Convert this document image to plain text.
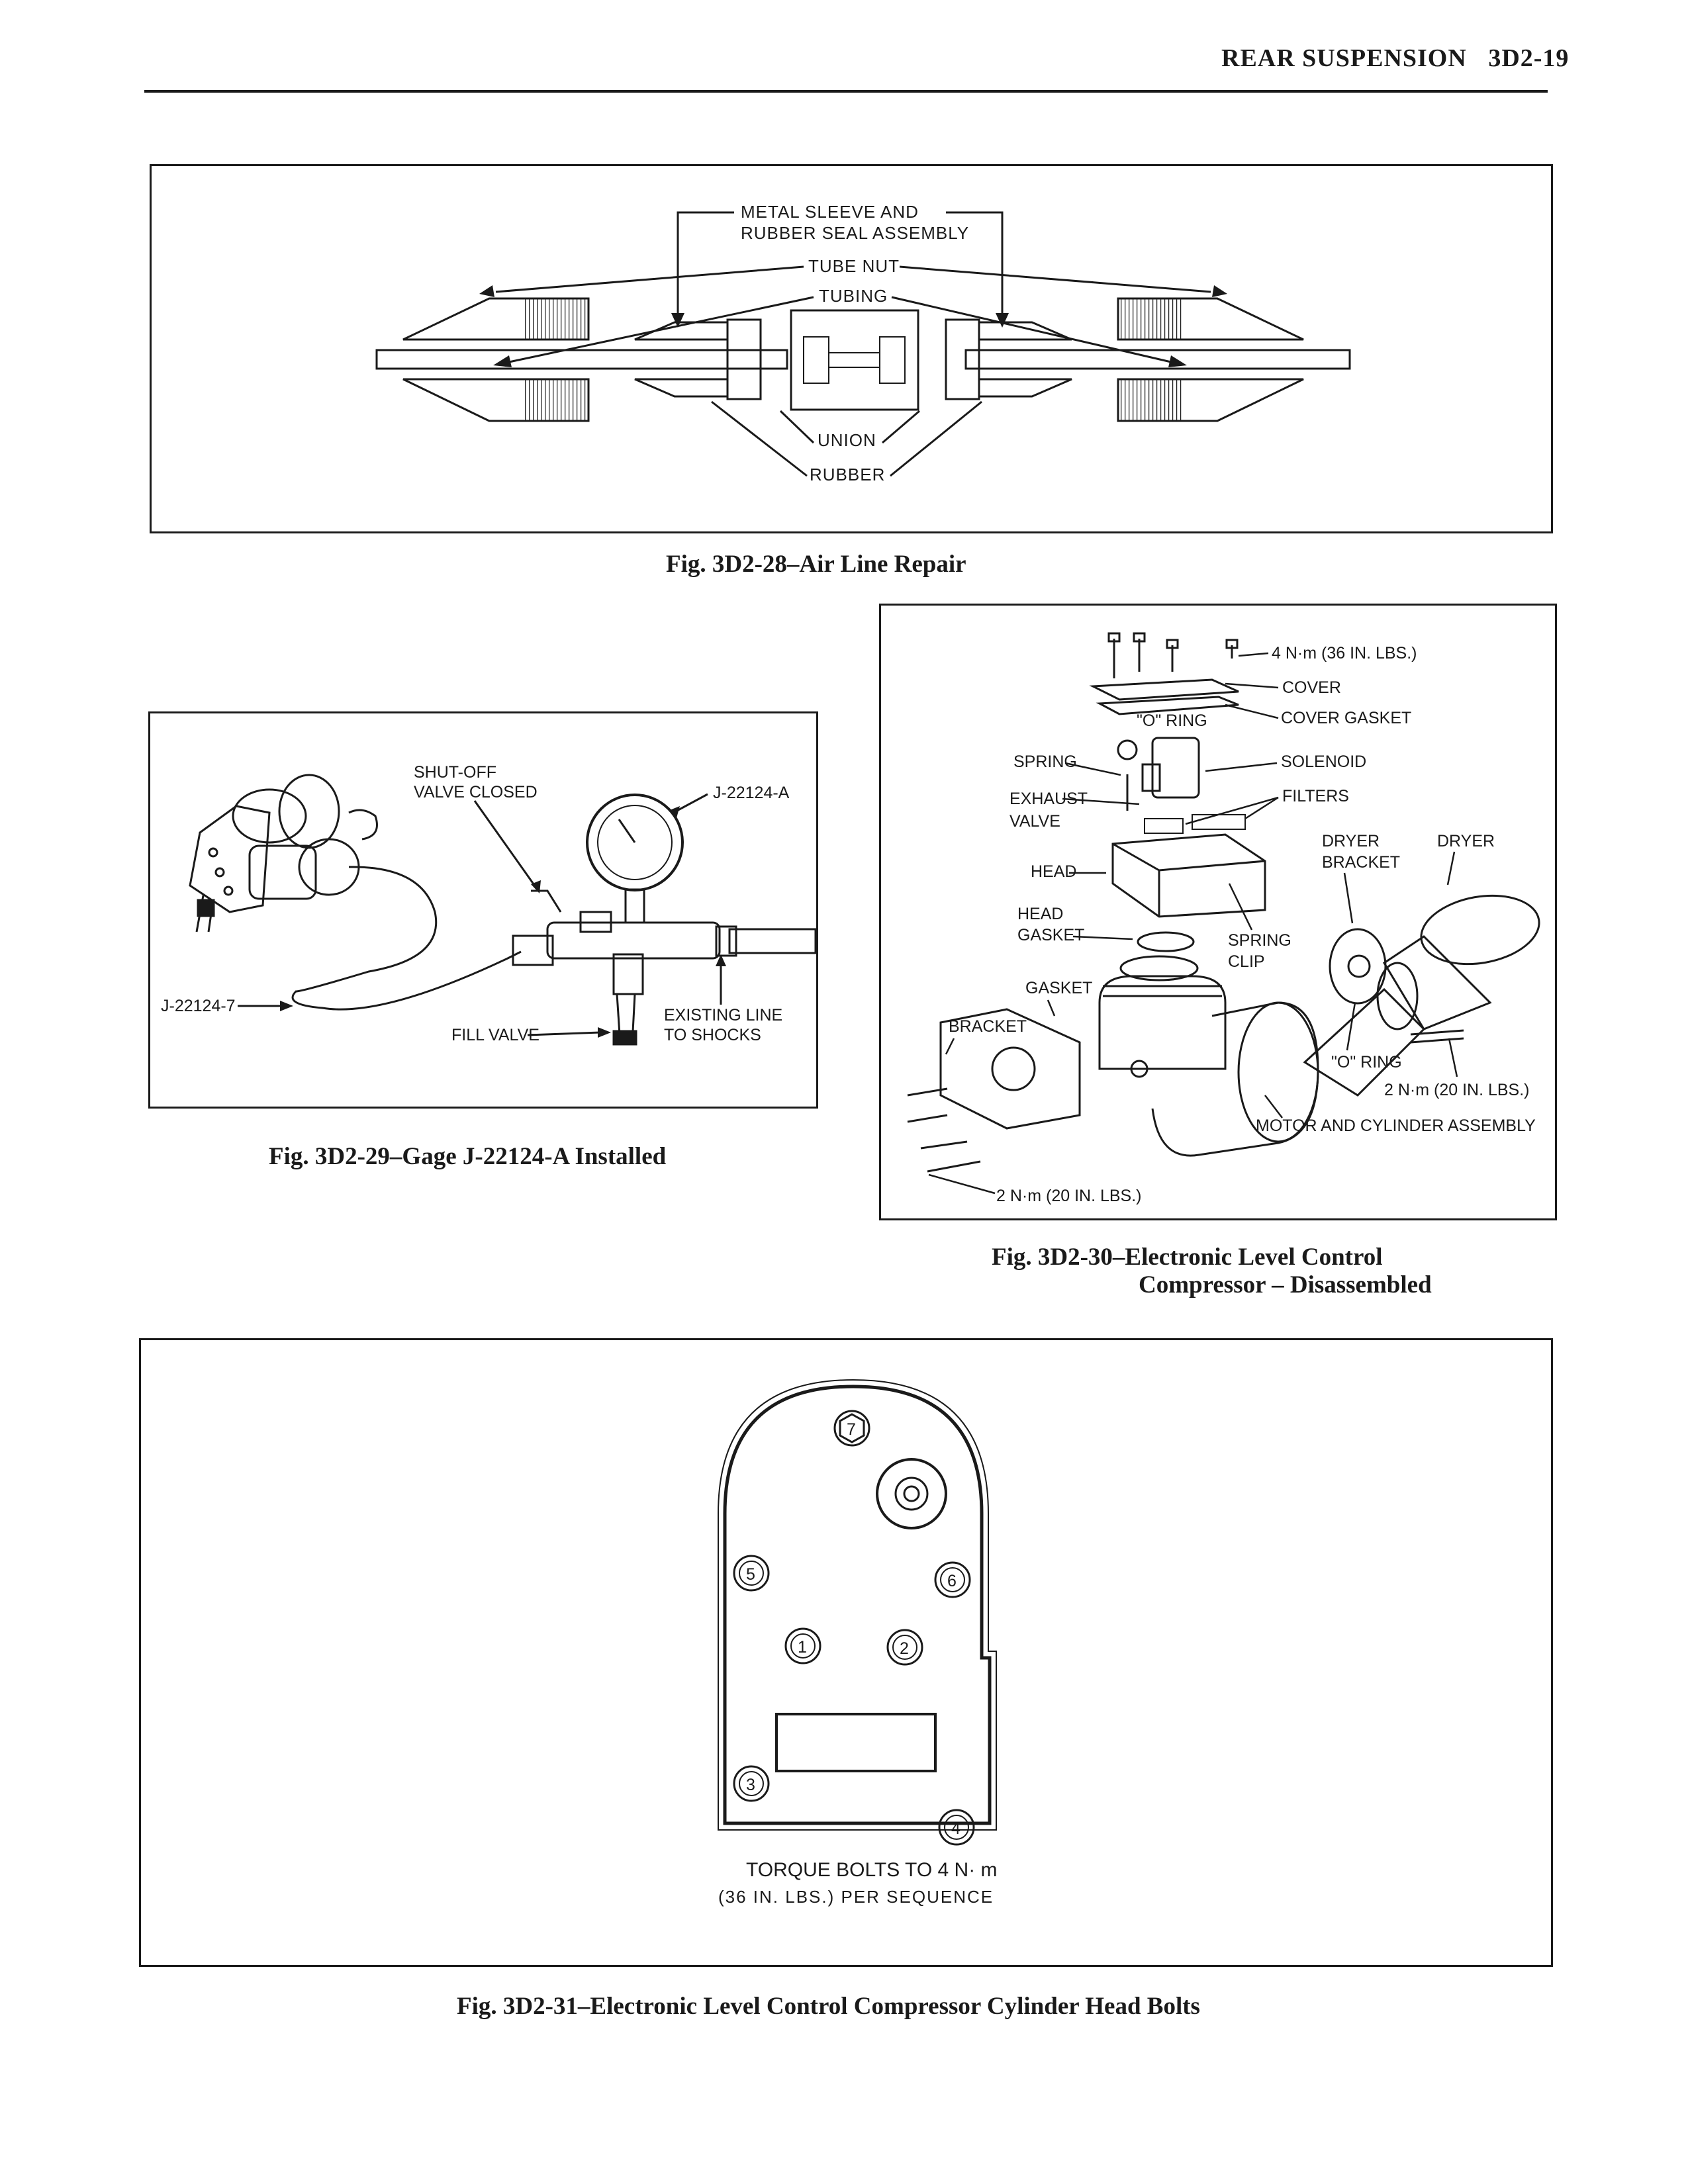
REAR SUSPENSION 3D2-19
METAL SLEEVE AND
RUBBER SEAL ASSEMBLY
TUBE NUT
TUBING
UNION
RUBBER
Fig. 3D2-28–Air Line Repair
SHUT-OFF
VALVE CLOSED	J-22124-A
J-22124-7
FILL VALVE
EXISTING LINE
TO SHOCKS
Fig. 3D2-29–Gage J-22124-A Installed
4 N·m (36 IN. LBS.)
COVER
COVER GASKET
"O" RING
SPRING	SOLENOID
EXHAUST
VALVE
FILTERS
DRYER
BRACKET
DRYER
HEAD
HEAD
GASKET	SPRING
CLIP
GASKET
BRACKET
"O" RING
2 N·m (20 IN. LBS.)
MOTOR AND CYLINDER ASSEMBLY
2 N·m (20 IN. LBS.)
Fig. 3D2-30–Electronic Level Control
Compressor – Disassembled
7
5	6
1	2
3
4
TORQUE BOLTS TO 4 N· m
(36 IN. LBS.) PER SEQUENCE
Fig. 3D2-31–Electronic Level Control Compressor Cylinder Head Bolts
